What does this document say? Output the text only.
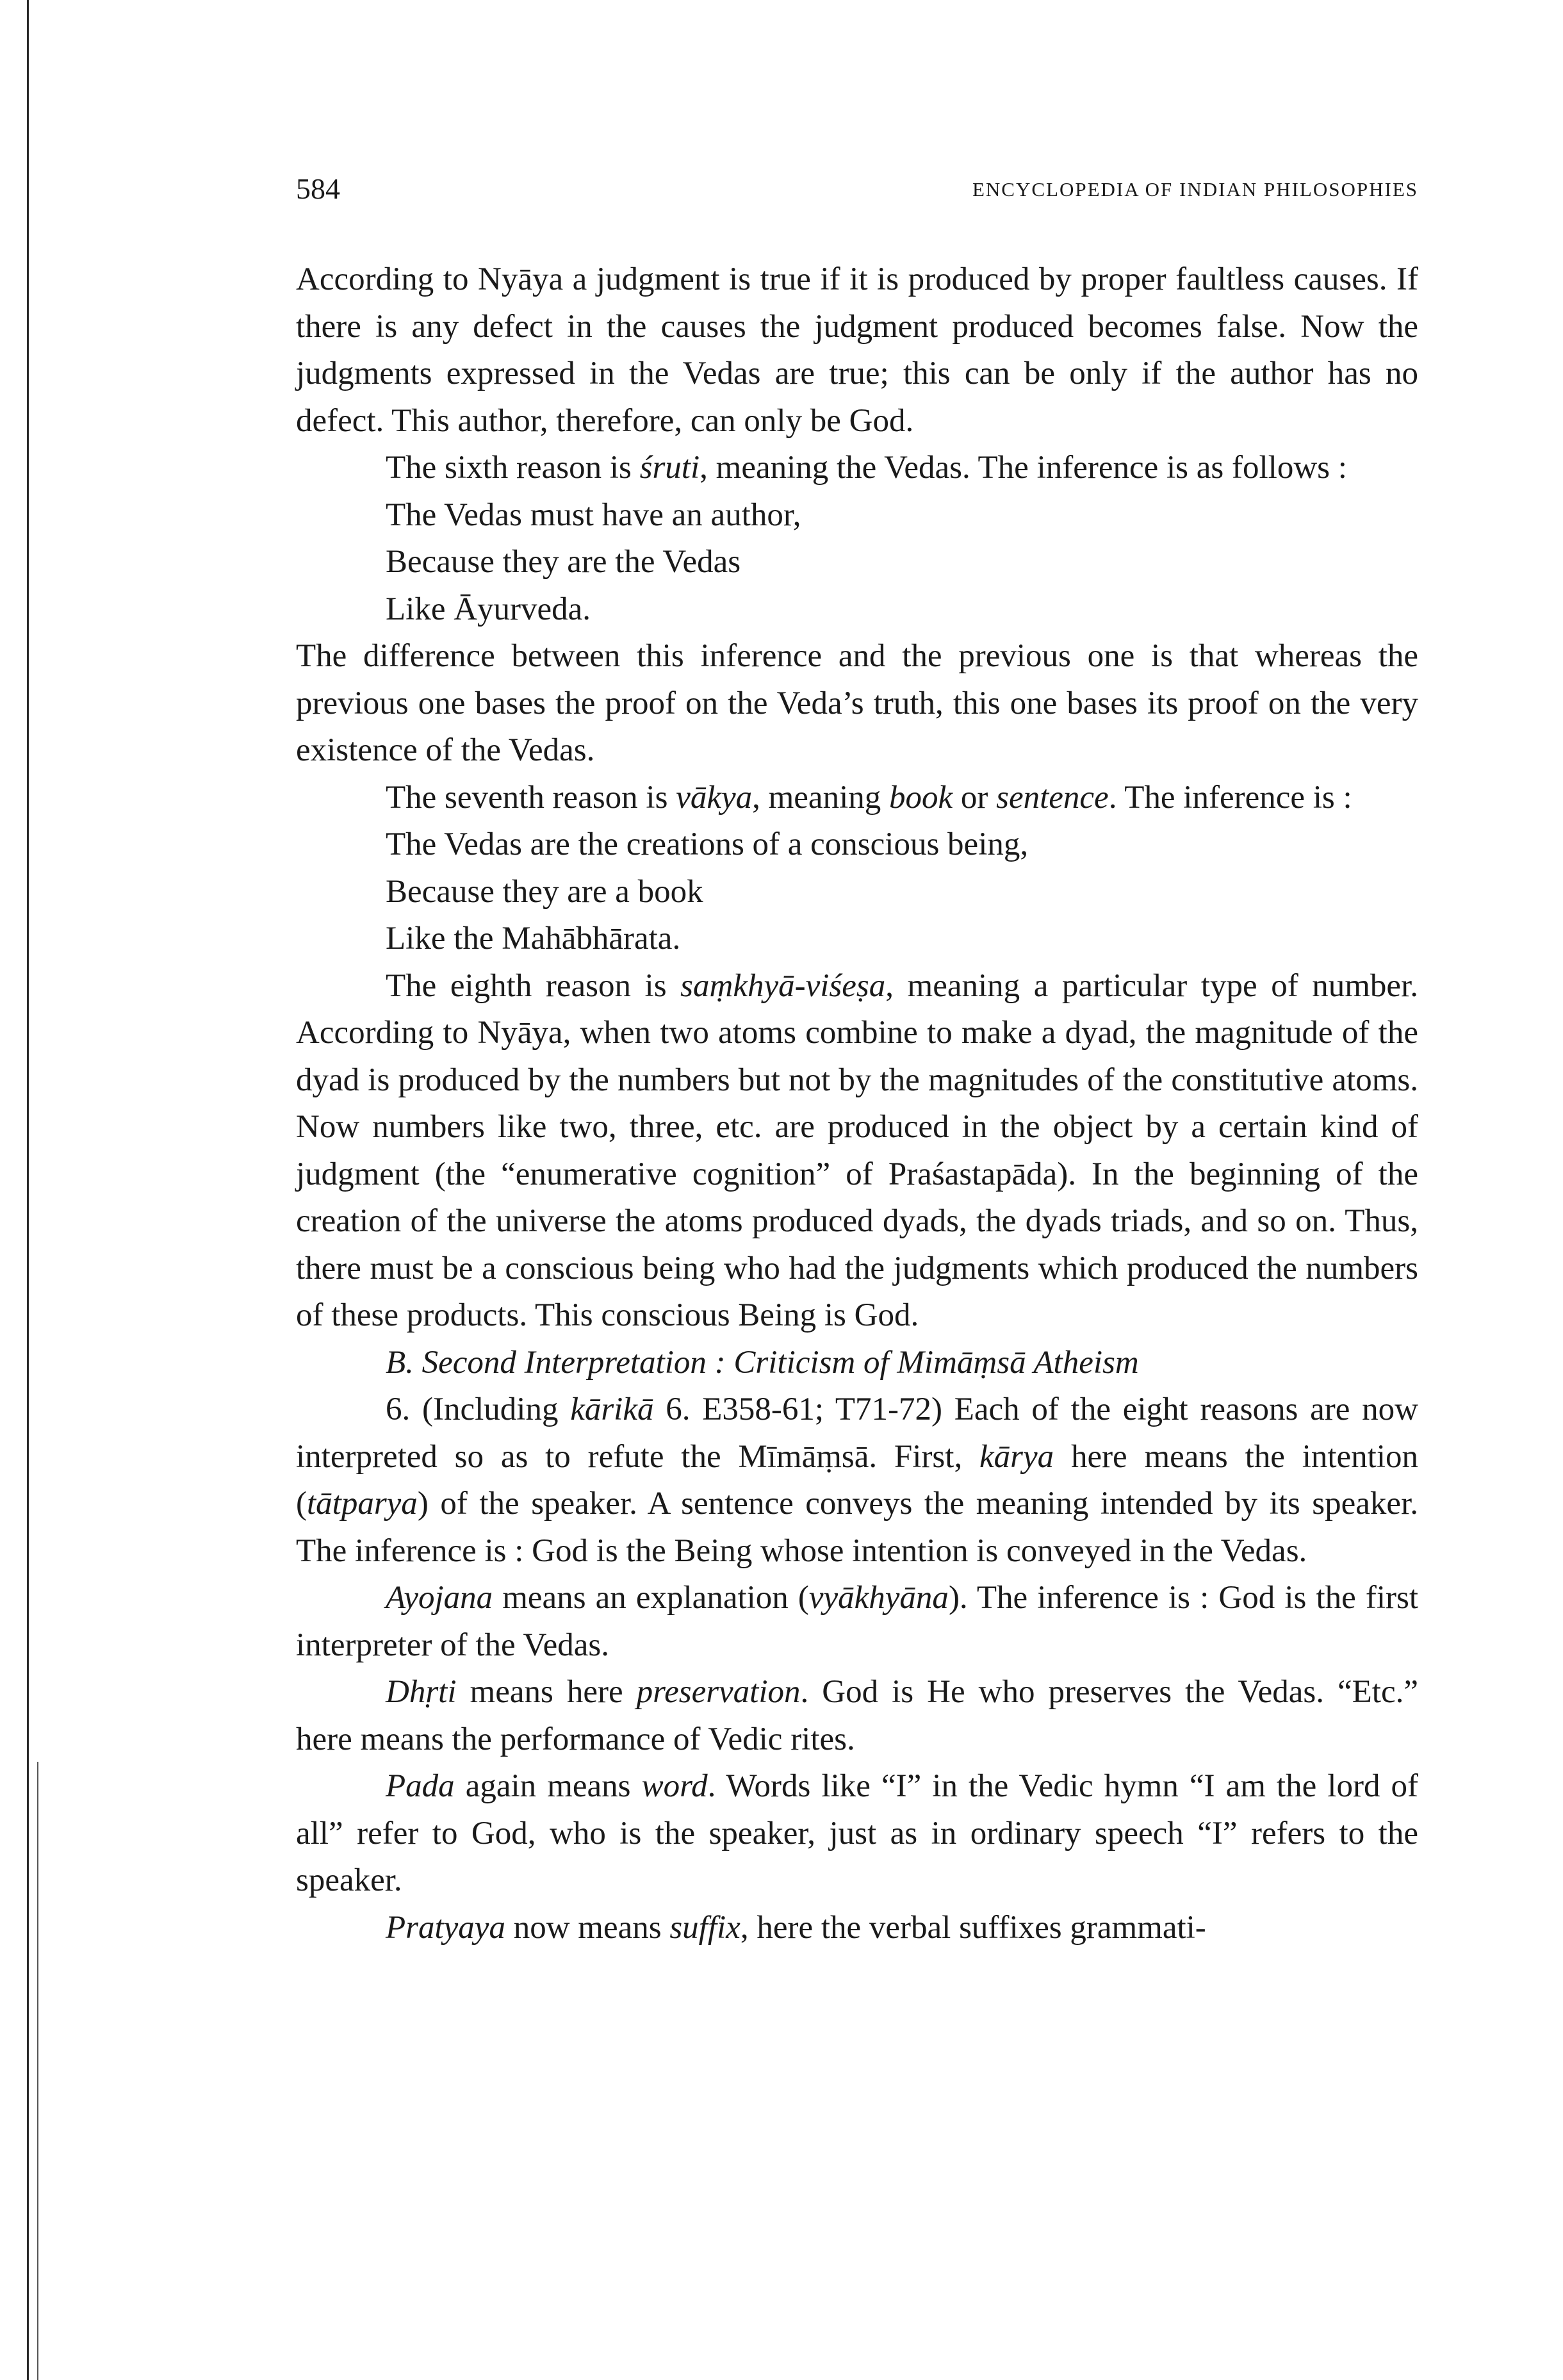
584	ENCYCLOPEDIA OF INDIAN PHILOSOPHIES
According to Nyāya a judgment is true if it is produced by proper faultless causes. If there is any defect in the causes the judgment produced becomes false. Now the judgments expressed in the Vedas are true; this can be only if the author has no defect. This author, therefore, can only be God.
The sixth reason is śruti, meaning the Vedas. The inference is as follows :
The Vedas must have an author,
Because they are the Vedas
Like Āyurveda.
The difference between this inference and the previous one is that whereas the previous one bases the proof on the Veda’s truth, this one bases its proof on the very existence of the Vedas.
The seventh reason is vākya, meaning book or sentence. The inference is :
The Vedas are the creations of a conscious being,
Because they are a book
Like the Mahābhārata.
The eighth reason is saṃkhyā-viśeṣa, meaning a particular type of number. According to Nyāya, when two atoms combine to make a dyad, the magnitude of the dyad is produced by the numbers but not by the magnitudes of the constitutive atoms. Now numbers like two, three, etc. are produced in the object by a certain kind of judgment (the “enumerative cognition” of Praśastapāda). In the beginning of the creation of the universe the atoms produced dyads, the dyads triads, and so on. Thus, there must be a conscious being who had the judgments which produced the numbers of these products. This conscious Being is God.
B. Second Interpretation : Criticism of Mimāṃsā Atheism
6. (Including kārikā 6. E358-61; T71-72) Each of the eight reasons are now interpreted so as to refute the Mīmāṃsā. First, kārya here means the intention (tātparya) of the speaker. A sentence conveys the meaning intended by its speaker. The inference is : God is the Being whose intention is conveyed in the Vedas.
Ayojana means an explanation (vyākhyāna). The inference is : God is the first interpreter of the Vedas.
Dhṛti means here preservation. God is He who preserves the Vedas. “Etc.” here means the performance of Vedic rites.
Pada again means word. Words like “I” in the Vedic hymn “I am the lord of all” refer to God, who is the speaker, just as in ordinary speech “I” refers to the speaker.
Pratyaya now means suffix, here the verbal suffixes grammati-
